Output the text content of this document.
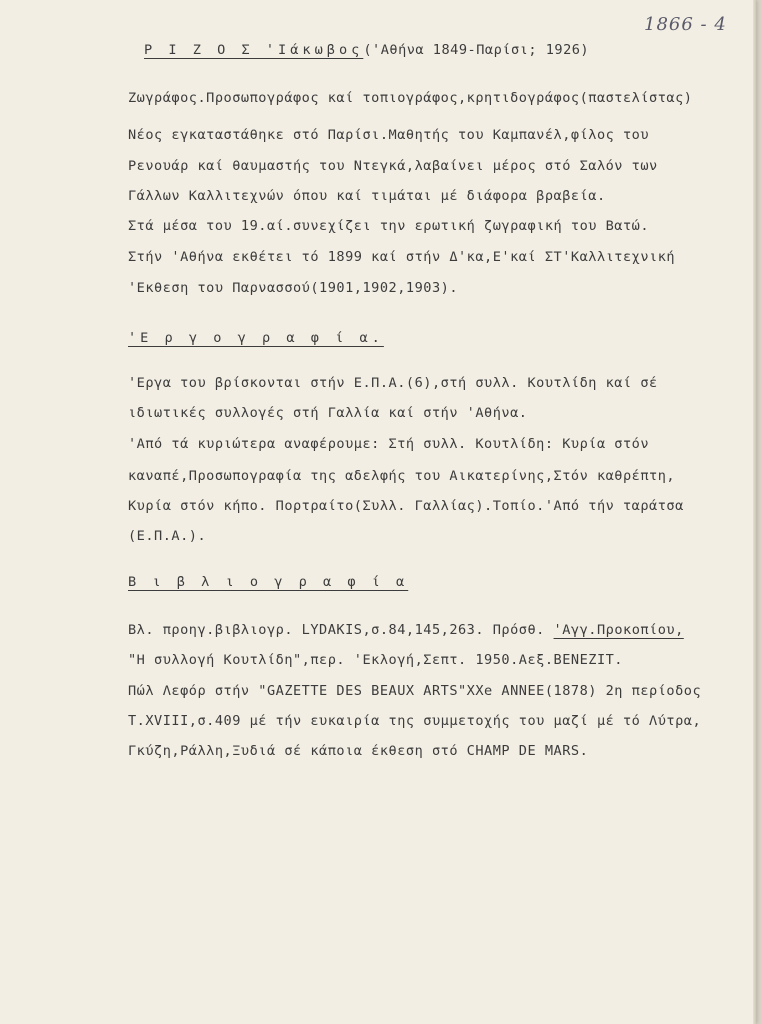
1866 - 4

Ρ Ι Ζ Ο Σ 'Ιάκωβος('Αθήνα 1849-Παρίσι; 1926)

Ζωγράφος.Προσωπογράφος καί τοπιογράφος,κρητιδογράφος(παστελίστας)

Νέος εγκαταστάθηκε στό Παρίσι.Μαθητής του Καμπανέλ,φίλος του

Ρενουάρ καί θαυμαστής του Ντεγκά,λαβαίνει μέρος στό Σαλόν των

Γάλλων Καλλιτεχνών όπου καί τιμάται μέ διάφορα βραβεία.

Στά μέσα του 19.αί.συνεχίζει την ερωτική ζωγραφική του Βατώ.

Στήν 'Αθήνα εκθέτει τό 1899 καί στήν Δ'κα,Ε'καί ΣΤ'Καλλιτεχνική

'Εκθεση του Παρνασσού(1901,1902,1903).

'Ε ρ γ ο γ ρ α φ ί α.

'Εργα του βρίσκονται στήν Ε.Π.Α.(6),στή συλλ. Κουτλίδη καί σέ

ιδιωτικές συλλογές στή Γαλλία καί στήν 'Αθήνα.

'Από τά κυριώτερα αναφέρουμε: Στή συλλ. Κουτλίδη: Κυρία στόν

καναπέ,Προσωπογραφία της αδελφής του Αικατερίνης,Στόν καθρέπτη,

Κυρία στόν κήπο. Πορτραίτο(Συλλ. Γαλλίας).Τοπίο.'Από τήν ταράτσα

(Ε.Π.Α.).

Β ι β λ ι ο γ ρ α φ ί α

Βλ. προηγ.βιβλιογρ. LYDAKIS,σ.84,145,263. Πρόσθ. 'Αγγ.Προκοπίου,

"Η συλλογή Κουτλίδη",περ. 'Εκλογή,Σεπτ. 1950.Αεξ.BENEZIT.

Πώλ Λεφόρ στήν "GAZETTE DES BEAUX ARTS"XXe ANNEE(1878) 2η περίοδος

T.XVIII,σ.409 μέ τήν ευκαιρία της συμμετοχής του μαζί μέ τό Λύτρα,

Γκύζη,Ράλλη,Ξυδιά σέ κάποια έκθεση στό CHAMP DE MARS.
